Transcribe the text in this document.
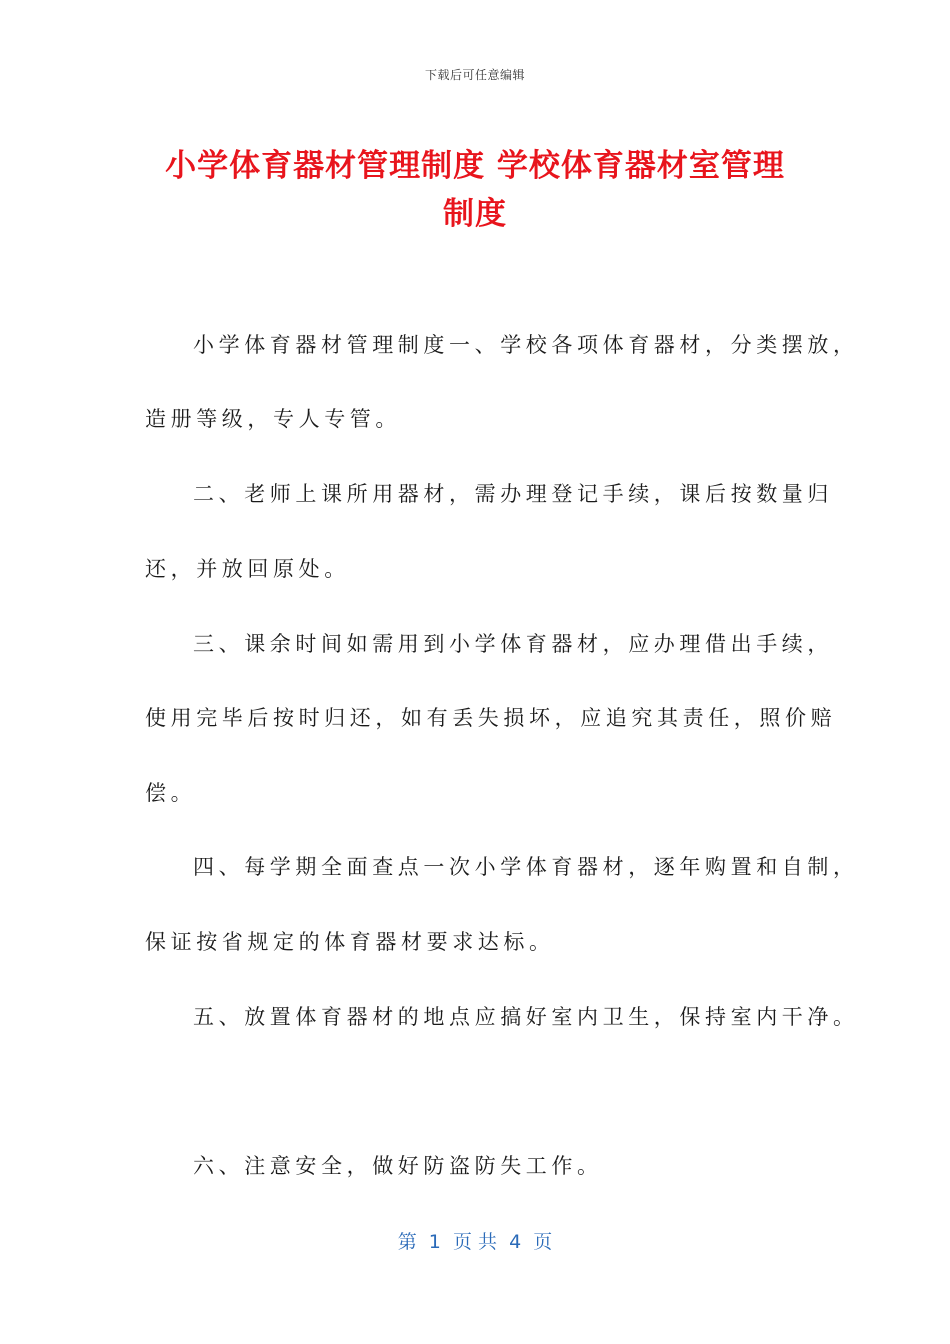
下载后可任意编辑
小学体育器材管理制度 学校体育器材室管理
制度

小学体育器材管理制度一、学校各项体育器材，分类摆放，

造册等级，专人专管。

二、老师上课所用器材，需办理登记手续，课后按数量归

还，并放回原处。

三、课余时间如需用到小学体育器材，应办理借出手续，

使用完毕后按时归还，如有丢失损坏，应追究其责任，照价赔

偿。

四、每学期全面查点一次小学体育器材，逐年购置和自制，

保证按省规定的体育器材要求达标。

五、放置体育器材的地点应搞好室内卫生，保持室内干净。

六、注意安全，做好防盗防失工作。

第  1  页 共  4  页
